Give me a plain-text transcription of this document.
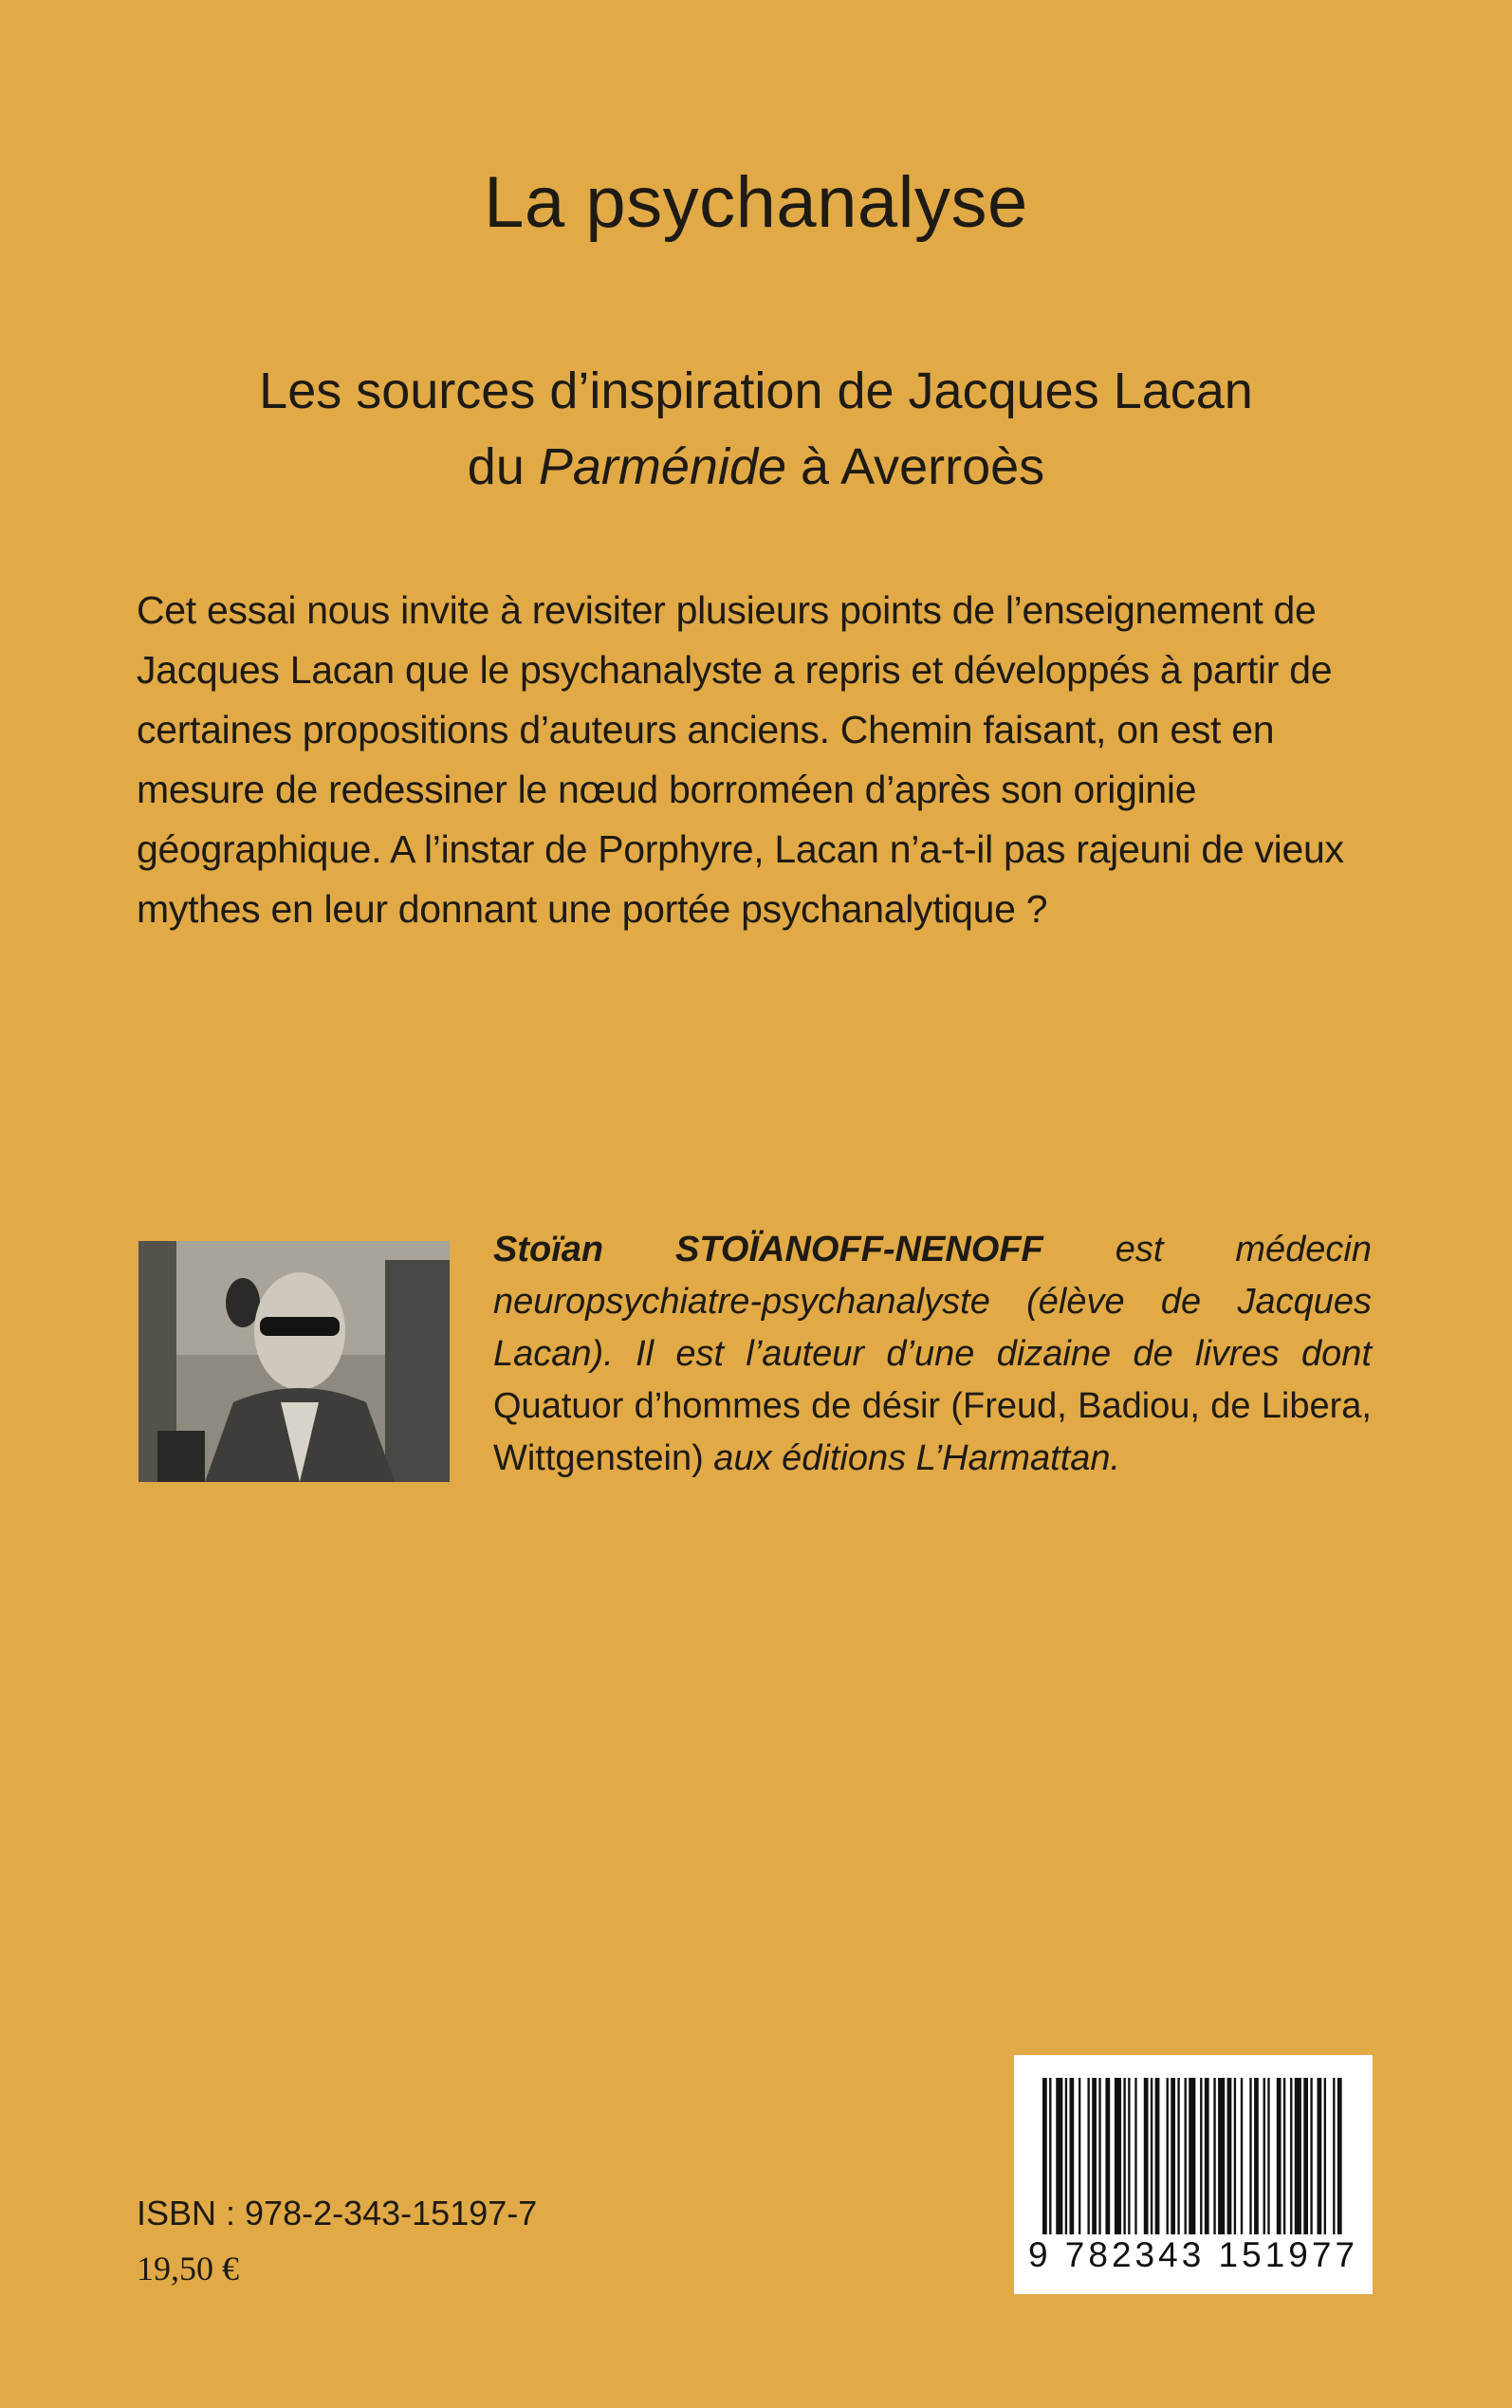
La psychanalyse

Les sources d’inspiration de Jacques Lacan
du Parménide à Averroès

Cet essai nous invite à revisiter plusieurs points de l’enseignement de Jacques Lacan que le psychanalyste a repris et développés à partir de certaines propositions d’auteurs anciens. Chemin faisant, on est en mesure de redessiner le nœud borroméen d’après son originie géographique. A l’instar de Porphyre, Lacan n’a-t-il pas rajeuni de vieux mythes en leur donnant une portée psychanalytique ?

Stoïan STOÏANOFF-NENOFF est médecin neuropsychiatre-psychanalyste (élève de Jacques Lacan). Il est l’auteur d’une dizaine de livres dont Quatuor d’hommes de désir (Freud, Badiou, de Libera, Wittgenstein) aux éditions L’Harmattan.

9 782343 151977

ISBN : 978-2-343-15197-7

19,50 €
